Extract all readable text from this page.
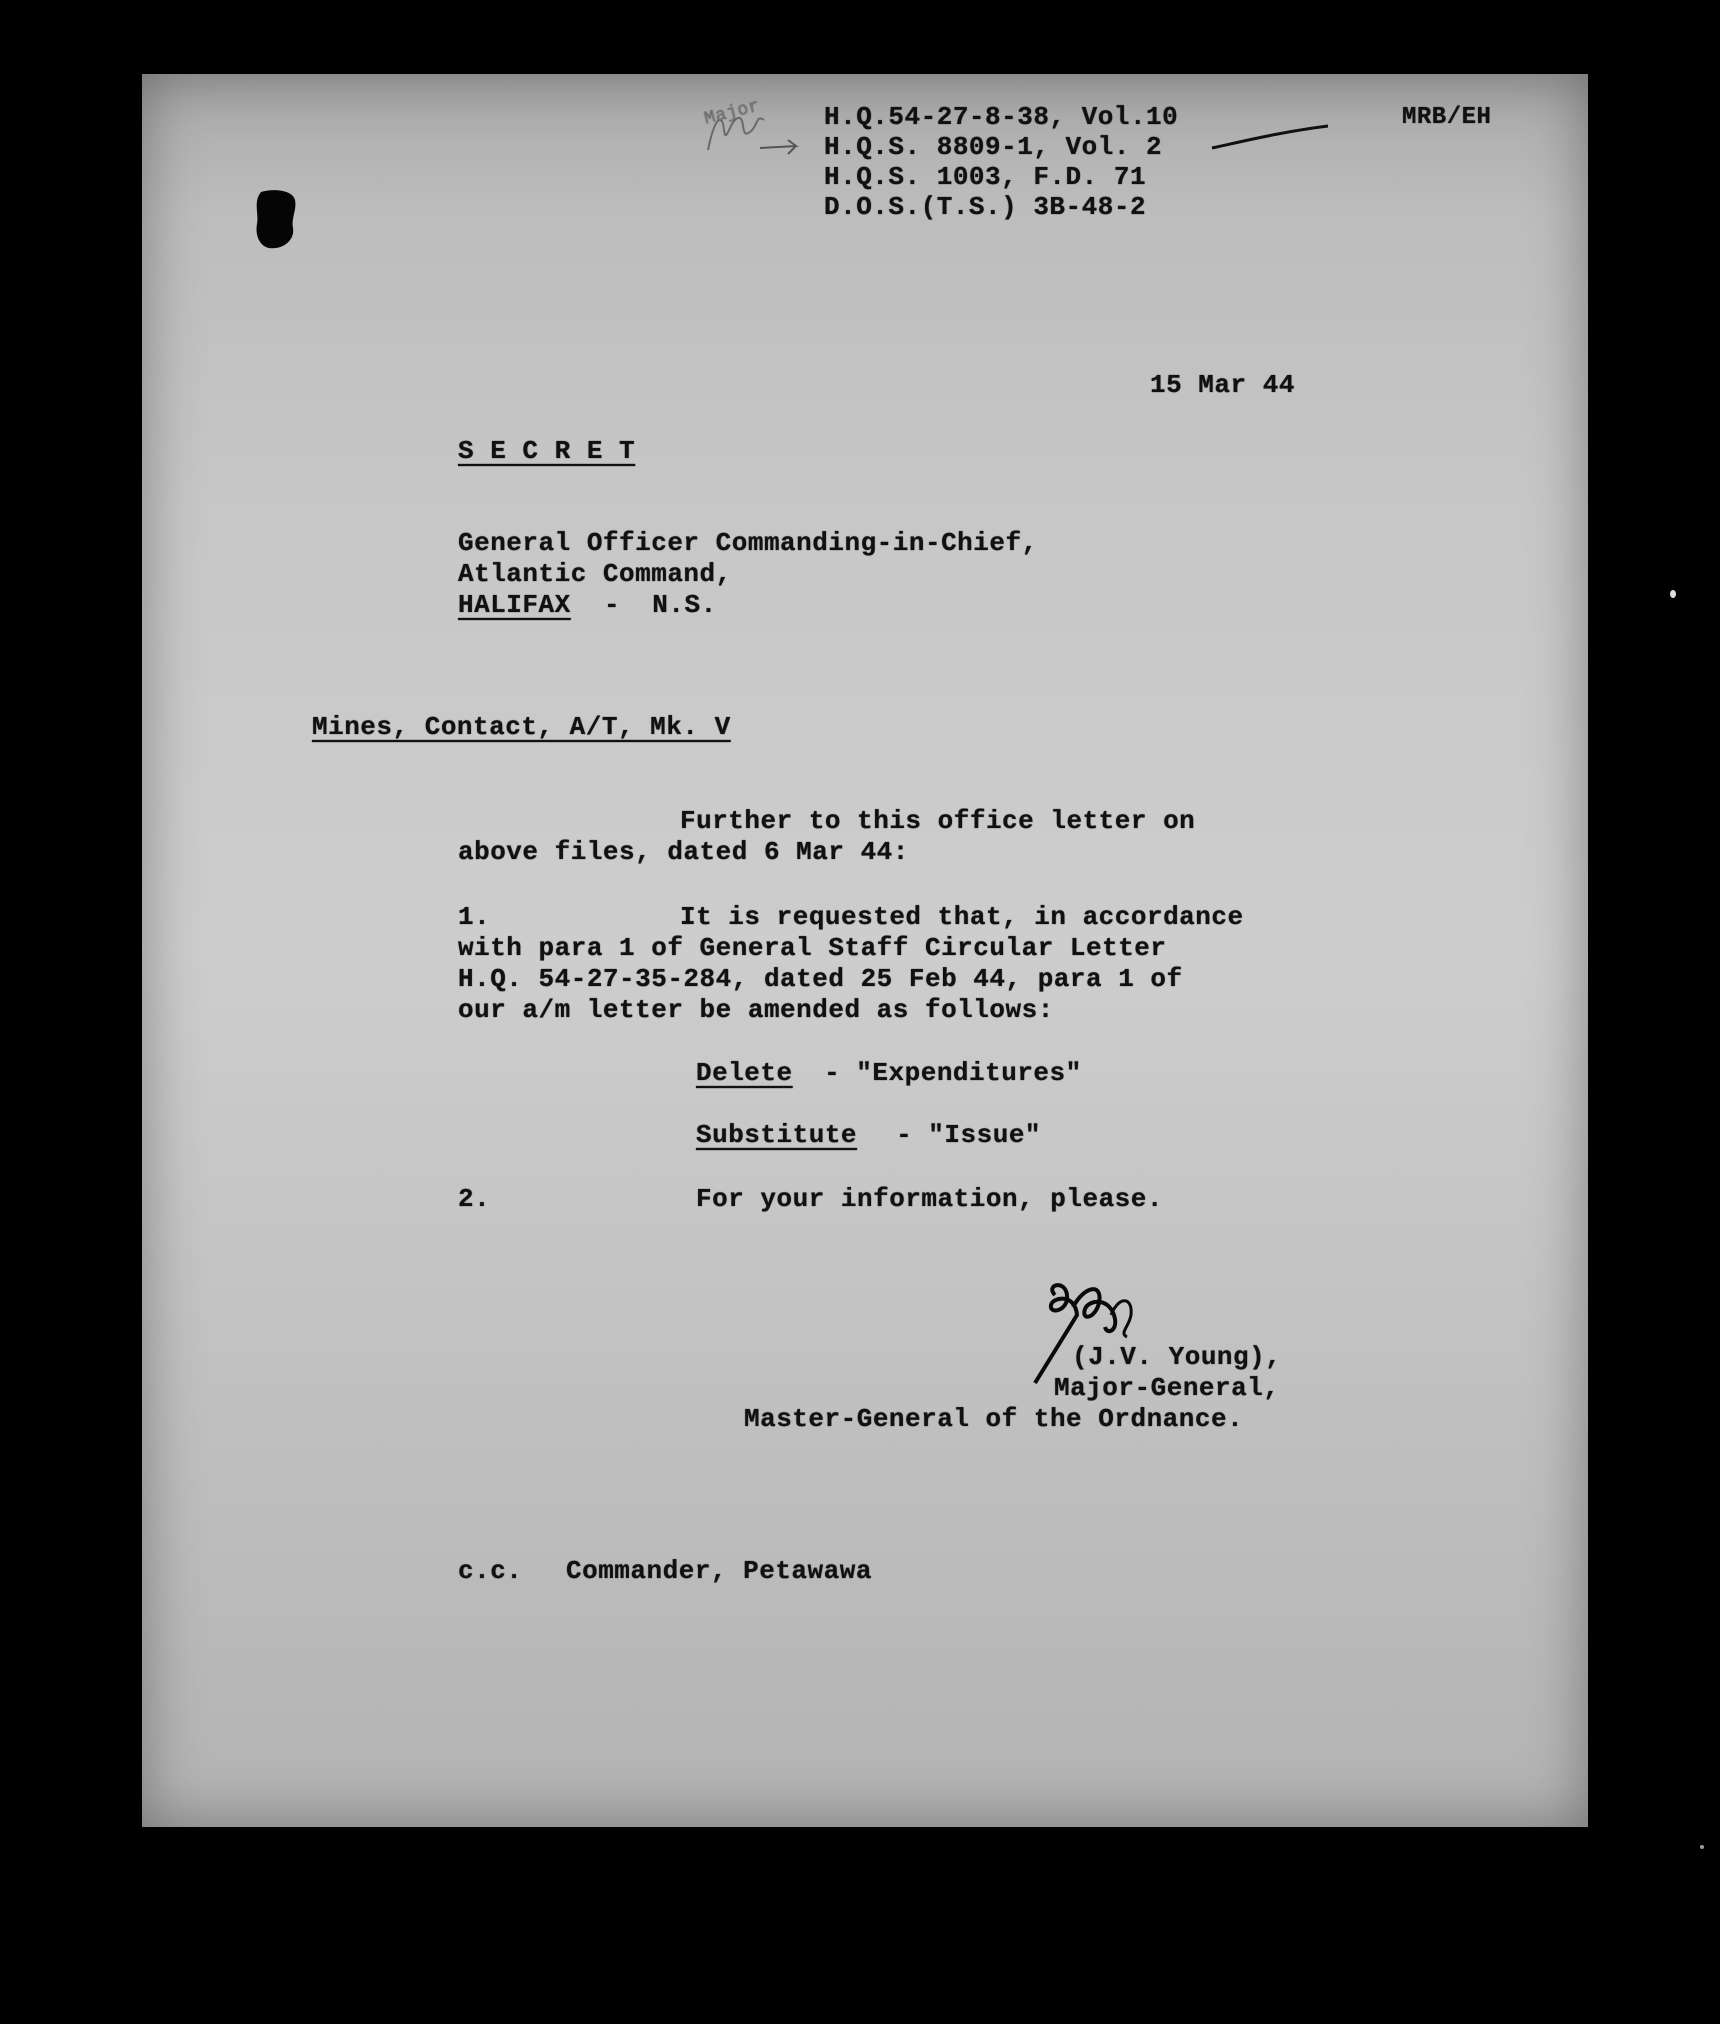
Major H.Q.54-27-8-38, Vol.10
H.Q.S. 8809-1, Vol. 2
H.Q.S. 1003, F.D. 71
D.O.S.(T.S.) 3B-48-2
MRB/EH
15 Mar 44
S E C R E T
General Officer Commanding-in-Chief,
Atlantic Command,
HALIFAX -  N.S.
Mines, Contact, A/T, Mk. V
Further to this office letter on
above files, dated 6 Mar 44:
1.	It is requested that, in accordance
with para 1 of General Staff Circular Letter
H.Q. 54-27-35-284, dated 25 Feb 44, para 1 of
our a/m letter be amended as follows:
Delete - "Expenditures"
Substitute - "Issue"
2.	For your information, please.
(J.V. Young),
Major-General,
Master-General of the Ordnance.
c.c. Commander, Petawawa
